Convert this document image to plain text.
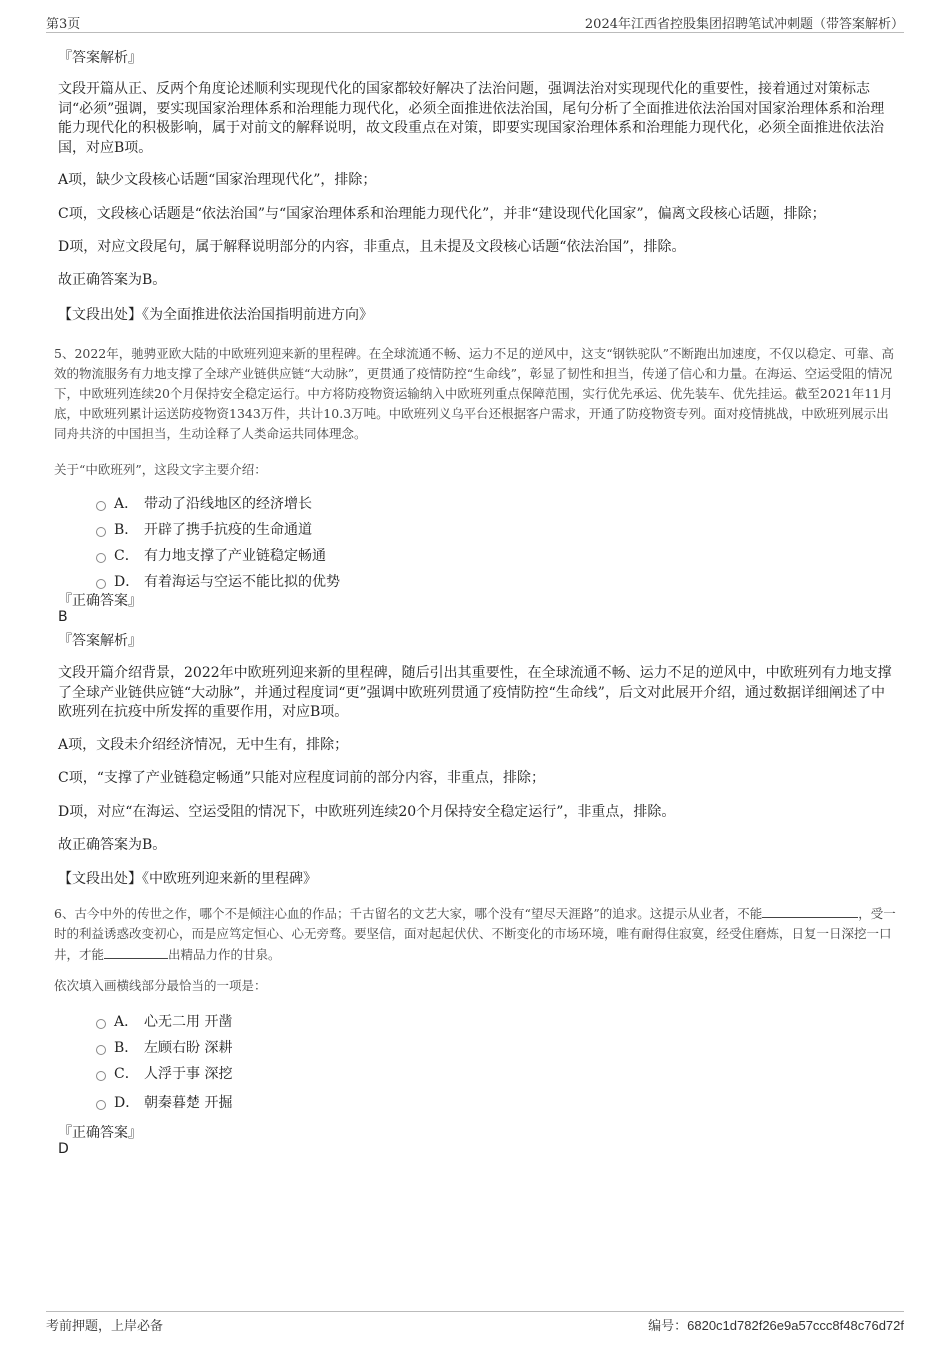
第3页	2024年江西省控股集团招聘笔试冲刺题（带答案解析）
『答案解析』
文段开篇从正、反两个角度论述顺利实现现代化的国家都较好解决了法治问题，强调法治对实现现代化的重要性，接着通过对策标志词“必须”强调，要实现国家治理体系和治理能力现代化，必须全面推进依法治国，尾句分析了全面推进依法治国对国家治理体系和治理能力现代化的积极影响，属于对前文的解释说明，故文段重点在对策，即要实现国家治理体系和治理能力现代化，必须全面推进依法治国，对应B项。
A项，缺少文段核心话题“国家治理现代化”，排除；
C项，文段核心话题是“依法治国”与“国家治理体系和治理能力现代化”，并非“建设现代化国家”，偏离文段核心话题，排除；
D项，对应文段尾句，属于解释说明部分的内容，非重点，且未提及文段核心话题“依法治国”，排除。
故正确答案为B。
【文段出处】《为全面推进依法治国指明前进方向》
5、2022年，驰骋亚欧大陆的中欧班列迎来新的里程碑。在全球流通不畅、运力不足的逆风中，这支“钢铁驼队”不断跑出加速度，不仅以稳定、可靠、高效的物流服务有力地支撑了全球产业链供应链“大动脉”，更贯通了疫情防控“生命线”，彰显了韧性和担当，传递了信心和力量。在海运、空运受阻的情况下，中欧班列连续20个月保持安全稳定运行。中方将防疫物资运输纳入中欧班列重点保障范围，实行优先承运、优先装车、优先挂运。截至2021年11月底，中欧班列累计运送防疫物资1343万件，共计10.3万吨。中欧班列义乌平台还根据客户需求，开通了防疫物资专列。面对疫情挑战，中欧班列展示出同舟共济的中国担当，生动诠释了人类命运共同体理念。
关于“中欧班列”，这段文字主要介绍：
A． 带动了沿线地区的经济增长
B． 开辟了携手抗疫的生命通道
C． 有力地支撑了产业链稳定畅通
D． 有着海运与空运不能比拟的优势
『正确答案』
B
『答案解析』
文段开篇介绍背景，2022年中欧班列迎来新的里程碑，随后引出其重要性，在全球流通不畅、运力不足的逆风中，中欧班列有力地支撑了全球产业链供应链“大动脉”，并通过程度词“更”强调中欧班列贯通了疫情防控“生命线”，后文对此展开介绍，通过数据详细阐述了中欧班列在抗疫中所发挥的重要作用，对应B项。
A项，文段未介绍经济情况，无中生有，排除；
C项，“支撑了产业链稳定畅通”只能对应程度词前的部分内容，非重点，排除；
D项，对应“在海运、空运受阻的情况下，中欧班列连续20个月保持安全稳定运行”，非重点，排除。
故正确答案为B。
【文段出处】《中欧班列迎来新的里程碑》
6、古今中外的传世之作，哪个不是倾注心血的作品；千古留名的文艺大家，哪个没有“望尽天涯路”的追求。这提示从业者，不能	，受一时的利益诱惑改变初心，而是应笃定恒心、心无旁骛。要坚信，面对起起伏伏、不断变化的市场环境，唯有耐得住寂寞，经受住磨炼，日复一日深挖一口井，才能	出精品力作的甘泉。
依次填入画横线部分最恰当的一项是：
A． 心无二用 开凿
B． 左顾右盼 深耕
C． 人浮于事 深挖
D． 朝秦暮楚 开掘
『正确答案』
D
考前押题，上岸必备	编号：6820c1d782f26e9a57ccc8f48c76d72f
